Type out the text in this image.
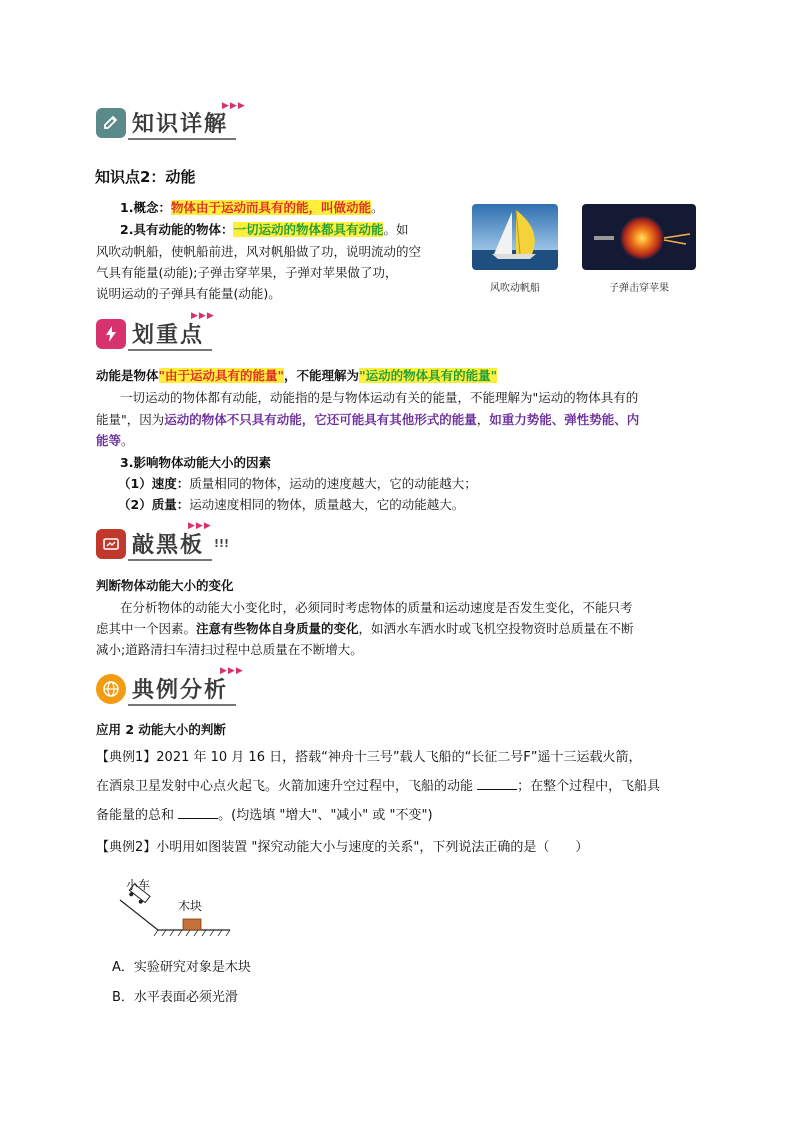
知识详解
▶▶▶
知识点2：动能
1.概念：物体由于运动而具有的能，叫做动能。
2.具有动能的物体：一切运动的物体都具有动能。如
风吹动帆船，使帆船前进，风对帆船做了功，说明流动的空
气具有能量(动能);子弹击穿苹果，子弹对苹果做了功，
说明运动的子弹具有能量(动能)。	风吹动帆船	子弹击穿苹果
划重点
▶▶▶
动能是物体"由于运动具有的能量"，不能理解为"运动的物体具有的能量"
一切运动的物体都有动能，动能指的是与物体运动有关的能量，不能理解为"运动的物体具有的
能量"，因为运动的物体不只具有动能，它还可能具有其他形式的能量，如重力势能、弹性势能、内
能等。
3.影响物体动能大小的因素
（1）速度：质量相同的物体，运动的速度越大，它的动能越大；
（2）质量：运动速度相同的物体，质量越大，它的动能越大。
敲黑板 !!!
▶▶▶
判断物体动能大小的变化
在分析物体的动能大小变化时，必须同时考虑物体的质量和运动速度是否发生变化，不能只考
虑其中一个因素。注意有些物体自身质量的变化，如洒水车洒水时或飞机空投物资时总质量在不断
减小;道路清扫车清扫过程中总质量在不断增大。
典例分析
▶▶▶
应用 2 动能大小的判断
【典例1】2021 年 10 月 16 日，搭载“神舟十三号”载人飞船的“长征二号F”遥十三运载火箭，
在酒泉卫星发射中心点火起飞。火箭加速升空过程中，飞船的动能	；在整个过程中，飞船具
备能量的总和	。(均选填 "增大"、"减小" 或 "不变")
【典例2】小明用如图装置 "探究动能大小与速度的关系"，下列说法正确的是（　　）
小车
木块
A．实验研究对象是木块
B．水平表面必须光滑
